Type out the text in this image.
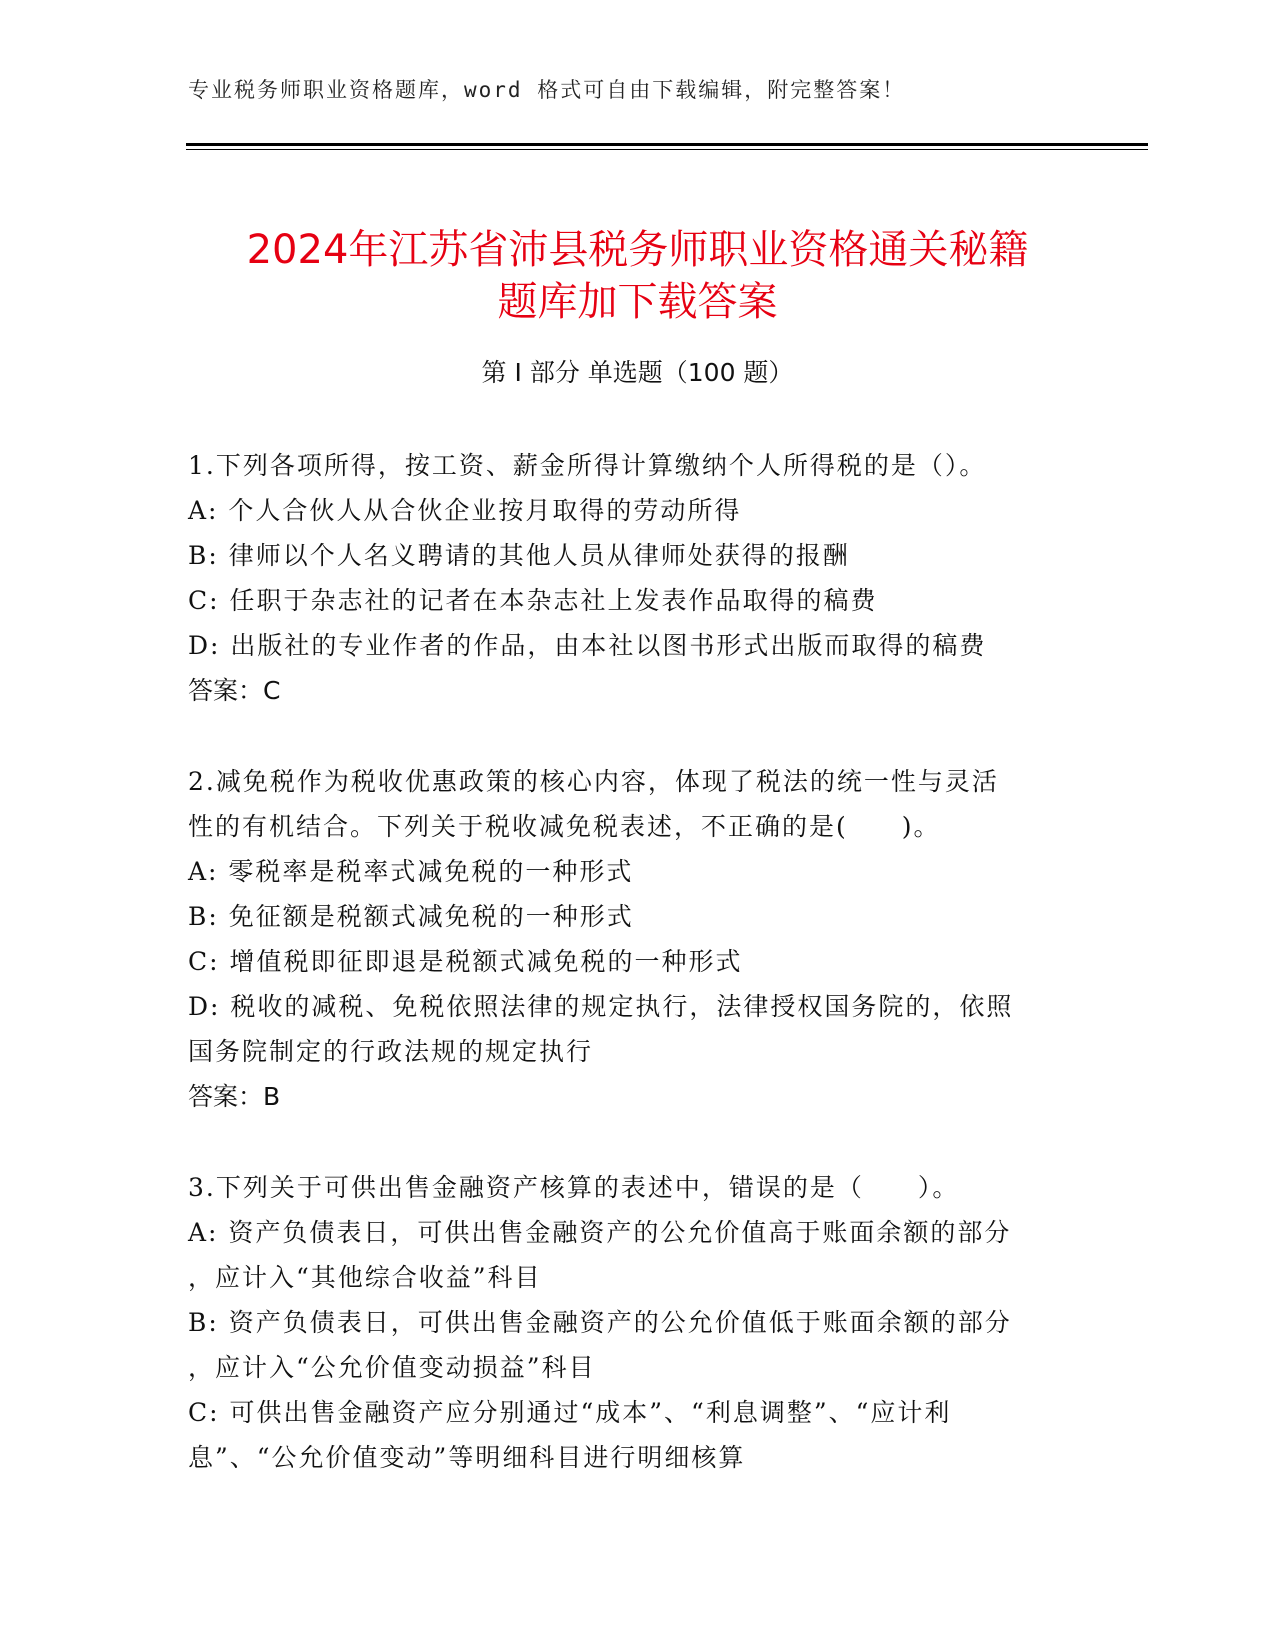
专业税务师职业资格题库，word 格式可自由下载编辑，附完整答案！
2024年江苏省沛县税务师职业资格通关秘籍
题库加下载答案
第 I 部分 单选题（100 题）
1.下列各项所得，按工资、薪金所得计算缴纳个人所得税的是（）。
A: 个人合伙人从合伙企业按月取得的劳动所得
B: 律师以个人名义聘请的其他人员从律师处获得的报酬
C: 任职于杂志社的记者在本杂志社上发表作品取得的稿费
D: 出版社的专业作者的作品，由本社以图书形式出版而取得的稿费
答案：C
2.减免税作为税收优惠政策的核心内容，体现了税法的统一性与灵活
性的有机结合。下列关于税收减免税表述，不正确的是(　　)。
A: 零税率是税率式减免税的一种形式
B: 免征额是税额式减免税的一种形式
C: 增值税即征即退是税额式减免税的一种形式
D: 税收的减税、免税依照法律的规定执行，法律授权国务院的，依照
国务院制定的行政法规的规定执行
答案：B
3.下列关于可供出售金融资产核算的表述中，错误的是（　　）。
A: 资产负债表日，可供出售金融资产的公允价值高于账面余额的部分
，应计入“其他综合收益”科目
B: 资产负债表日，可供出售金融资产的公允价值低于账面余额的部分
，应计入“公允价值变动损益”科目
C: 可供出售金融资产应分别通过“成本”、“利息调整”、“应计利
息”、“公允价值变动”等明细科目进行明细核算
